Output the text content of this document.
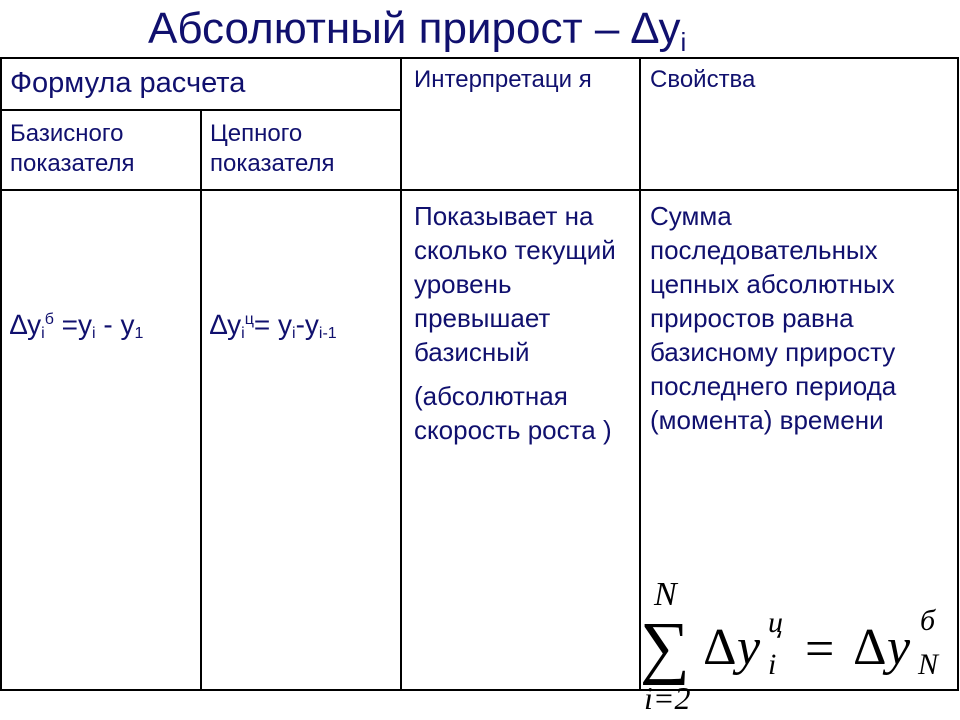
Абсолютный прирост – $\Delta y_i$
Формула расчета	Интерпретаци я	Свойства
Базисного показателя
Цепного показателя
$\Delta y_i^б =y_i - y_1$ $\Delta y_i^ц= y_i-y_{i-1}$

Показывает на сколько текущий уровень превышает базисный

(абсолютная скорость роста )

Сумма последовательных цепных абсолютных приростов равна базисному приросту последнего периода (момента) времени

N
∑
i=2
∆ y ц
i = ∆ y б
N
